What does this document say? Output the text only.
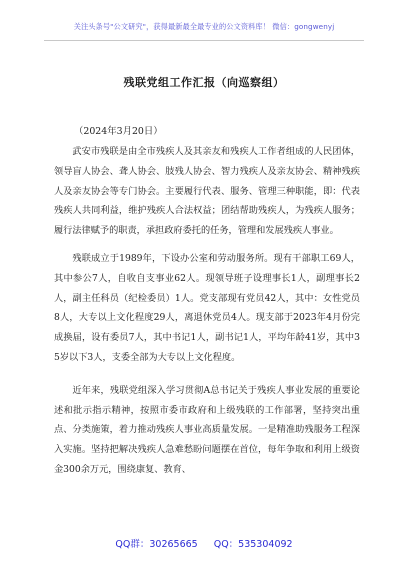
关注头条号"公文研究"，获得最新最全最专业的公文资料库！ 微信：gongwenyj
残联党组工作汇报（向巡察组）
（2024年3月20日）

武安市残联是由全市残疾人及其亲友和残疾人工作者组成的人民团体，领导盲人协会、聋人协会、肢残人协会、智力残疾人及亲友协会、精神残疾人及亲友协会等专门协会。主要履行代表、服务、管理三种职能，即：代表残疾人共同利益，维护残疾人合法权益；团结帮助残疾人，为残疾人服务；履行法律赋予的职责，承担政府委托的任务，管理和发展残疾人事业。

残联成立于1989年，下设办公室和劳动服务所。现有干部职工69人，其中参公7人，自收自支事业62人。现领导班子设理事长1人，副理事长2人，副主任科员（纪检委员）1人。党支部现有党员42人，其中：女性党员8人，大专以上文化程度29人，离退休党员4人。现支部于2023年4月份完成换届，设有委员7人，其中书记1人，副书记1人，平均年龄41岁，其中35岁以下3人，支委全部为大专以上文化程度。

近年来，残联党组深入学习贯彻A总书记关于残疾人事业发展的重要论述和批示指示精神，按照市委市政府和上级残联的工作部署，坚持突出重点、分类施策，着力推动残疾人事业高质量发展。一是精准助残服务工程深入实施。坚持把解决残疾人急难愁盼问题摆在首位，每年争取和利用上级资金300余万元，围绕康复、教育、

QQ群：30265665 QQ：535304092
